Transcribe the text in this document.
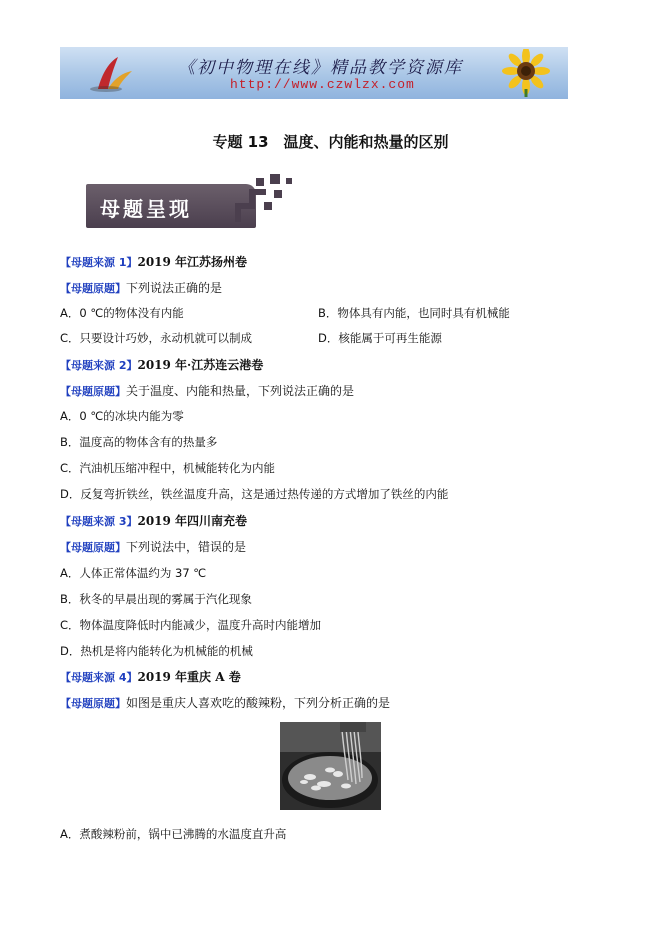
《初中物理在线》精品教学资源库
http://www.czwlzx.com
专题 13　温度、内能和热量的区别
母题呈现
【母题来源 1】2019 年江苏扬州卷
【母题原题】下列说法正确的是
A．0 ℃的物体没有内能	B．物体具有内能，也同时具有机械能
C．只要设计巧妙，永动机就可以制成	D．核能属于可再生能源
【母题来源 2】2019 年·江苏连云港卷
【母题原题】关于温度、内能和热量，下列说法正确的是
A．0 ℃的冰块内能为零
B．温度高的物体含有的热量多
C．汽油机压缩冲程中，机械能转化为内能
D．反复弯折铁丝，铁丝温度升高，这是通过热传递的方式增加了铁丝的内能
【母题来源 3】2019 年四川南充卷
【母题原题】下列说法中，错误的是
A．人体正常体温约为 37 ℃
B．秋冬的早晨出现的雾属于汽化现象
C．物体温度降低时内能减少，温度升高时内能增加
D．热机是将内能转化为机械能的机械
【母题来源 4】2019 年重庆 A 卷
【母题原题】如图是重庆人喜欢吃的酸辣粉，下列分析正确的是
A．煮酸辣粉前，锅中已沸腾的水温度直升高
